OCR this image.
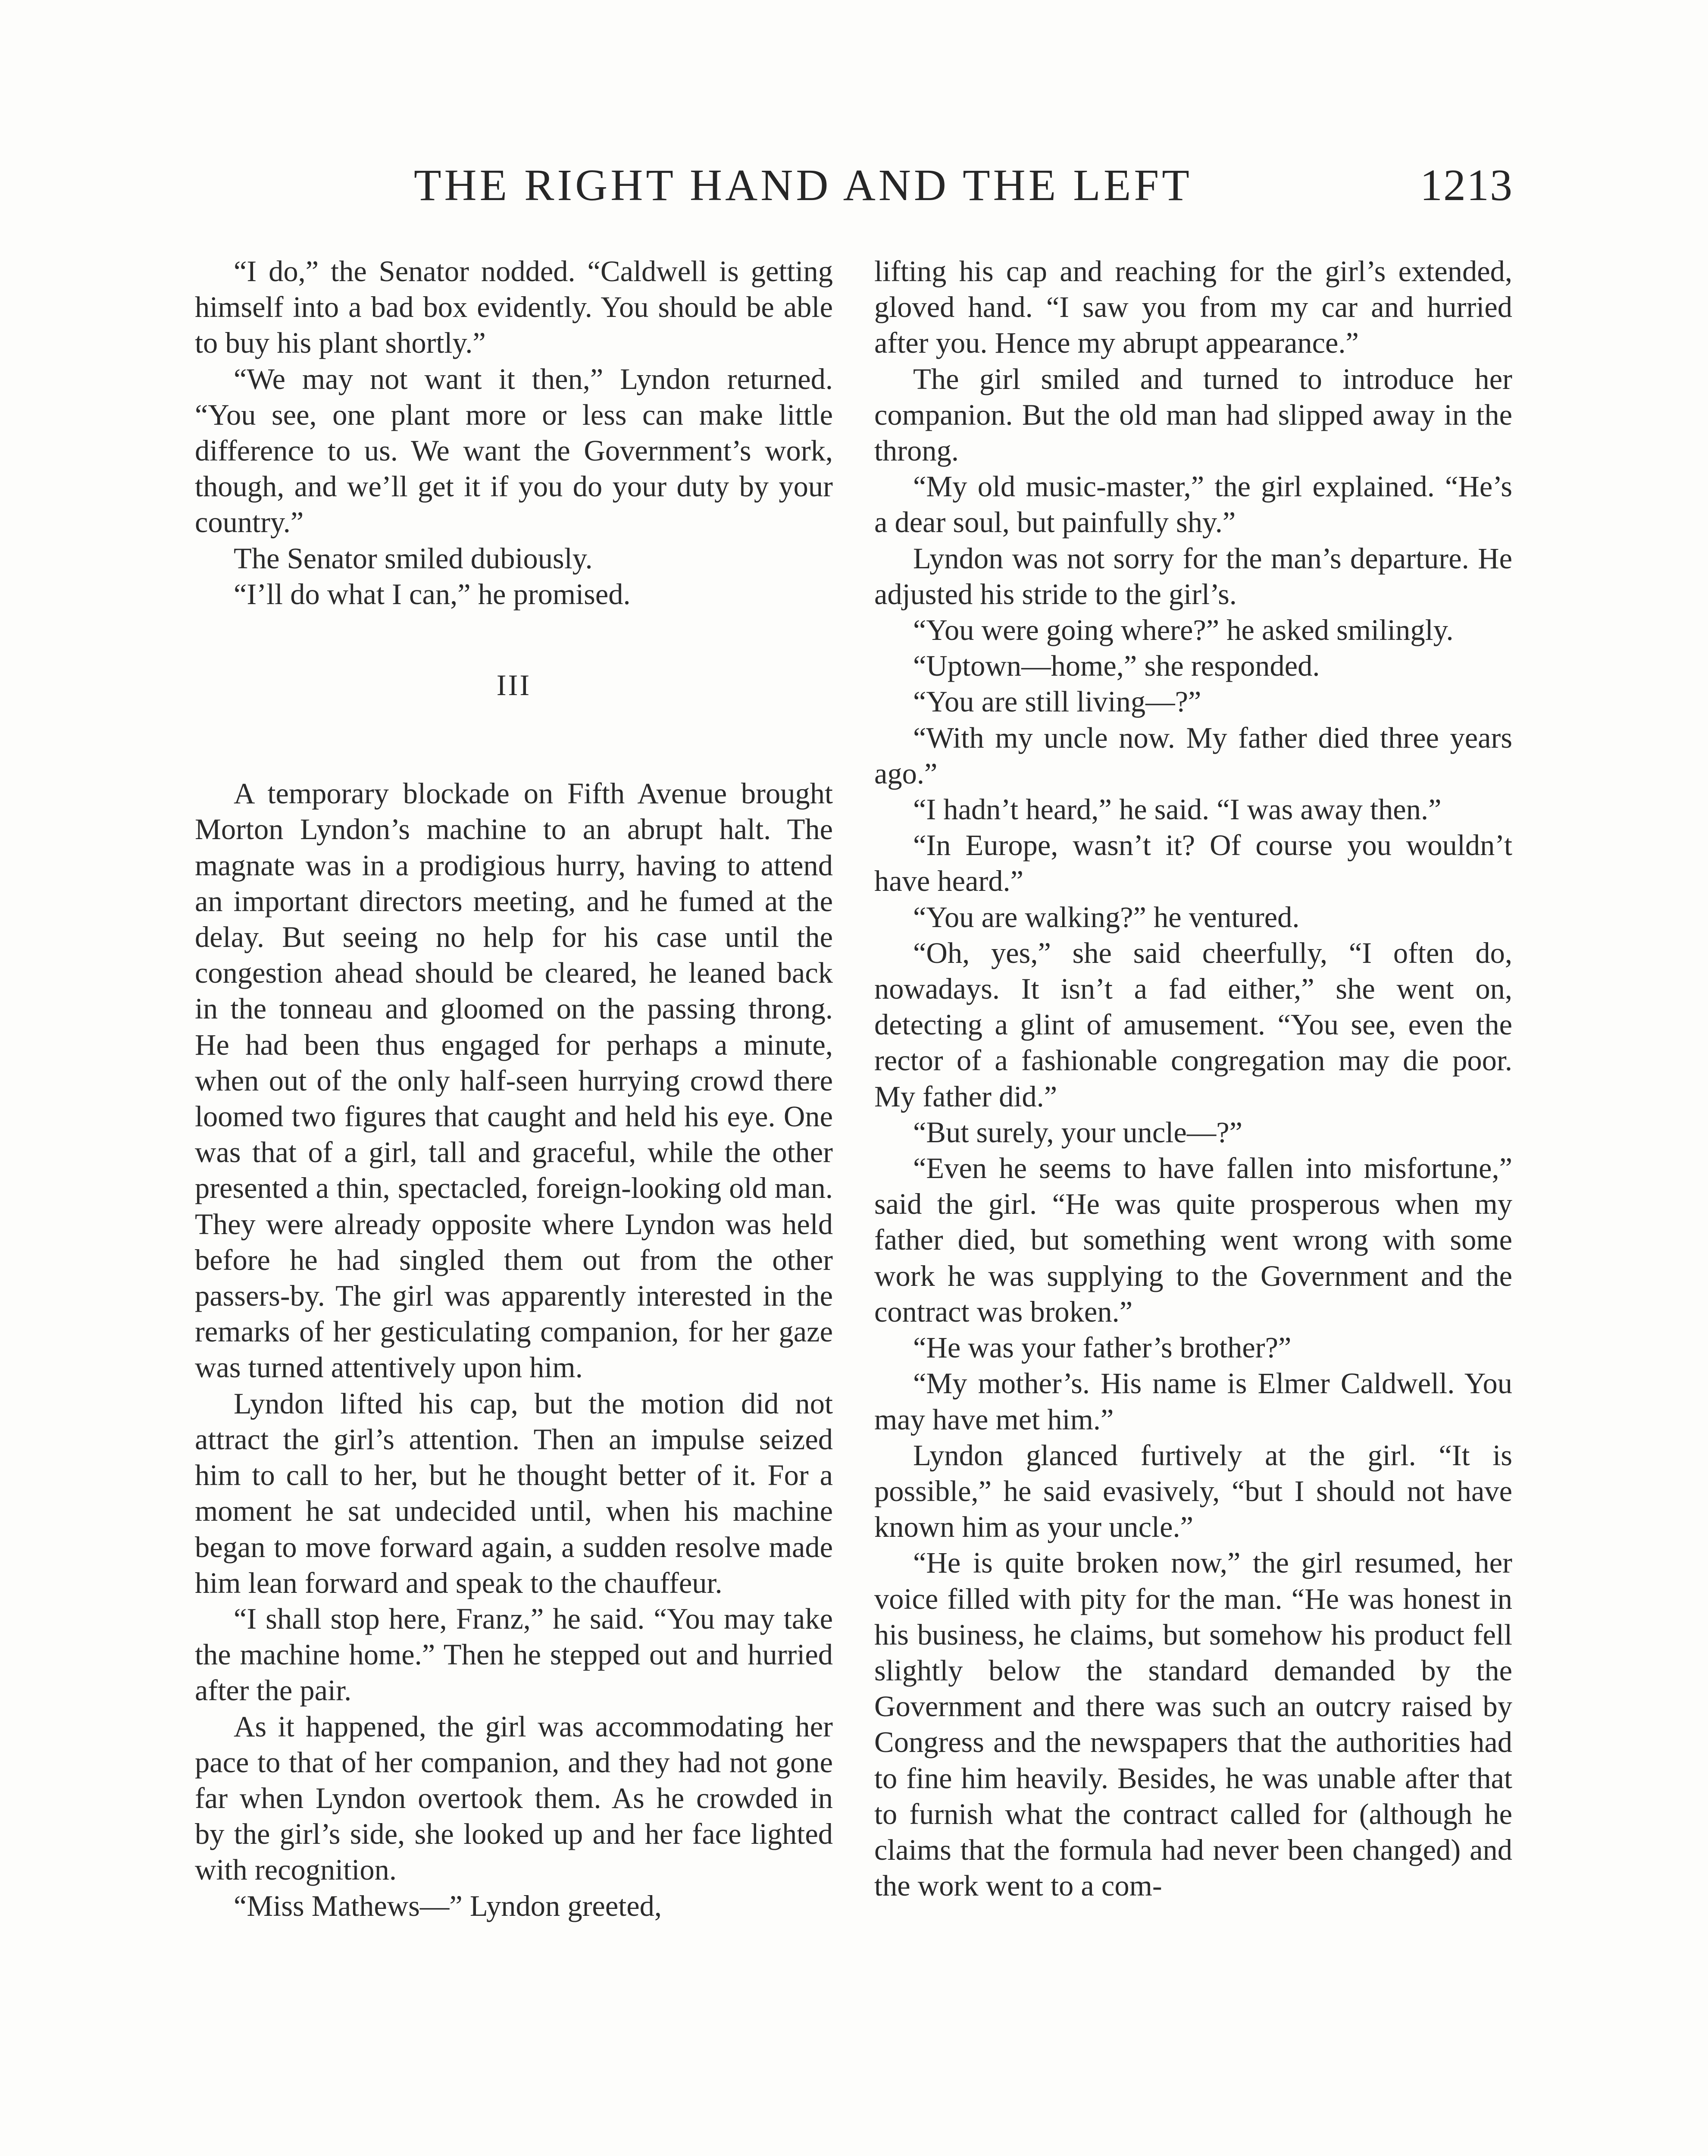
THE RIGHT HAND AND THE LEFT	1213

“I do,” the Senator nodded. “Caldwell is getting himself into a bad box evidently. You should be able to buy his plant shortly.”

“We may not want it then,” Lyndon returned. “You see, one plant more or less can make little difference to us. We want the Government’s work, though, and we’ll get it if you do your duty by your country.”

The Senator smiled dubiously.

“I’ll do what I can,” he promised.

III

A temporary blockade on Fifth Avenue brought Morton Lyndon’s machine to an abrupt halt. The magnate was in a prodigious hurry, having to attend an important directors meeting, and he fumed at the delay. But seeing no help for his case until the congestion ahead should be cleared, he leaned back in the tonneau and gloomed on the passing throng. He had been thus engaged for perhaps a minute, when out of the only half-seen hurrying crowd there loomed two figures that caught and held his eye. One was that of a girl, tall and graceful, while the other presented a thin, spectacled, foreign-looking old man. They were already opposite where Lyndon was held before he had singled them out from the other passers-by. The girl was apparently interested in the remarks of her gesticulating companion, for her gaze was turned attentively upon him.

Lyndon lifted his cap, but the motion did not attract the girl’s attention. Then an impulse seized him to call to her, but he thought better of it. For a moment he sat undecided until, when his machine began to move forward again, a sudden resolve made him lean forward and speak to the chauffeur.

“I shall stop here, Franz,” he said. “You may take the machine home.” Then he stepped out and hurried after the pair.

As it happened, the girl was accommodating her pace to that of her companion, and they had not gone far when Lyndon overtook them. As he crowded in by the girl’s side, she looked up and her face lighted with recognition.

“Miss Mathews—” Lyndon greeted,

lifting his cap and reaching for the girl’s extended, gloved hand. “I saw you from my car and hurried after you. Hence my abrupt appearance.”

The girl smiled and turned to introduce her companion. But the old man had slipped away in the throng.

“My old music-master,” the girl explained. “He’s a dear soul, but painfully shy.”

Lyndon was not sorry for the man’s departure. He adjusted his stride to the girl’s.

“You were going where?” he asked smilingly.

“Uptown—home,” she responded.

“You are still living—?”

“With my uncle now. My father died three years ago.”

“I hadn’t heard,” he said. “I was away then.”

“In Europe, wasn’t it? Of course you wouldn’t have heard.”

“You are walking?” he ventured.

“Oh, yes,” she said cheerfully, “I often do, nowadays. It isn’t a fad either,” she went on, detecting a glint of amusement. “You see, even the rector of a fashionable congregation may die poor. My father did.”

“But surely, your uncle—?”

“Even he seems to have fallen into misfortune,” said the girl. “He was quite prosperous when my father died, but something went wrong with some work he was supplying to the Government and the contract was broken.”

“He was your father’s brother?”

“My mother’s. His name is Elmer Caldwell. You may have met him.”

Lyndon glanced furtively at the girl. “It is possible,” he said evasively, “but I should not have known him as your uncle.”

“He is quite broken now,” the girl resumed, her voice filled with pity for the man. “He was honest in his business, he claims, but somehow his product fell slightly below the standard demanded by the Government and there was such an outcry raised by Congress and the newspapers that the authorities had to fine him heavily. Besides, he was unable after that to furnish what the contract called for (although he claims that the formula had never been changed) and the work went to a com-
